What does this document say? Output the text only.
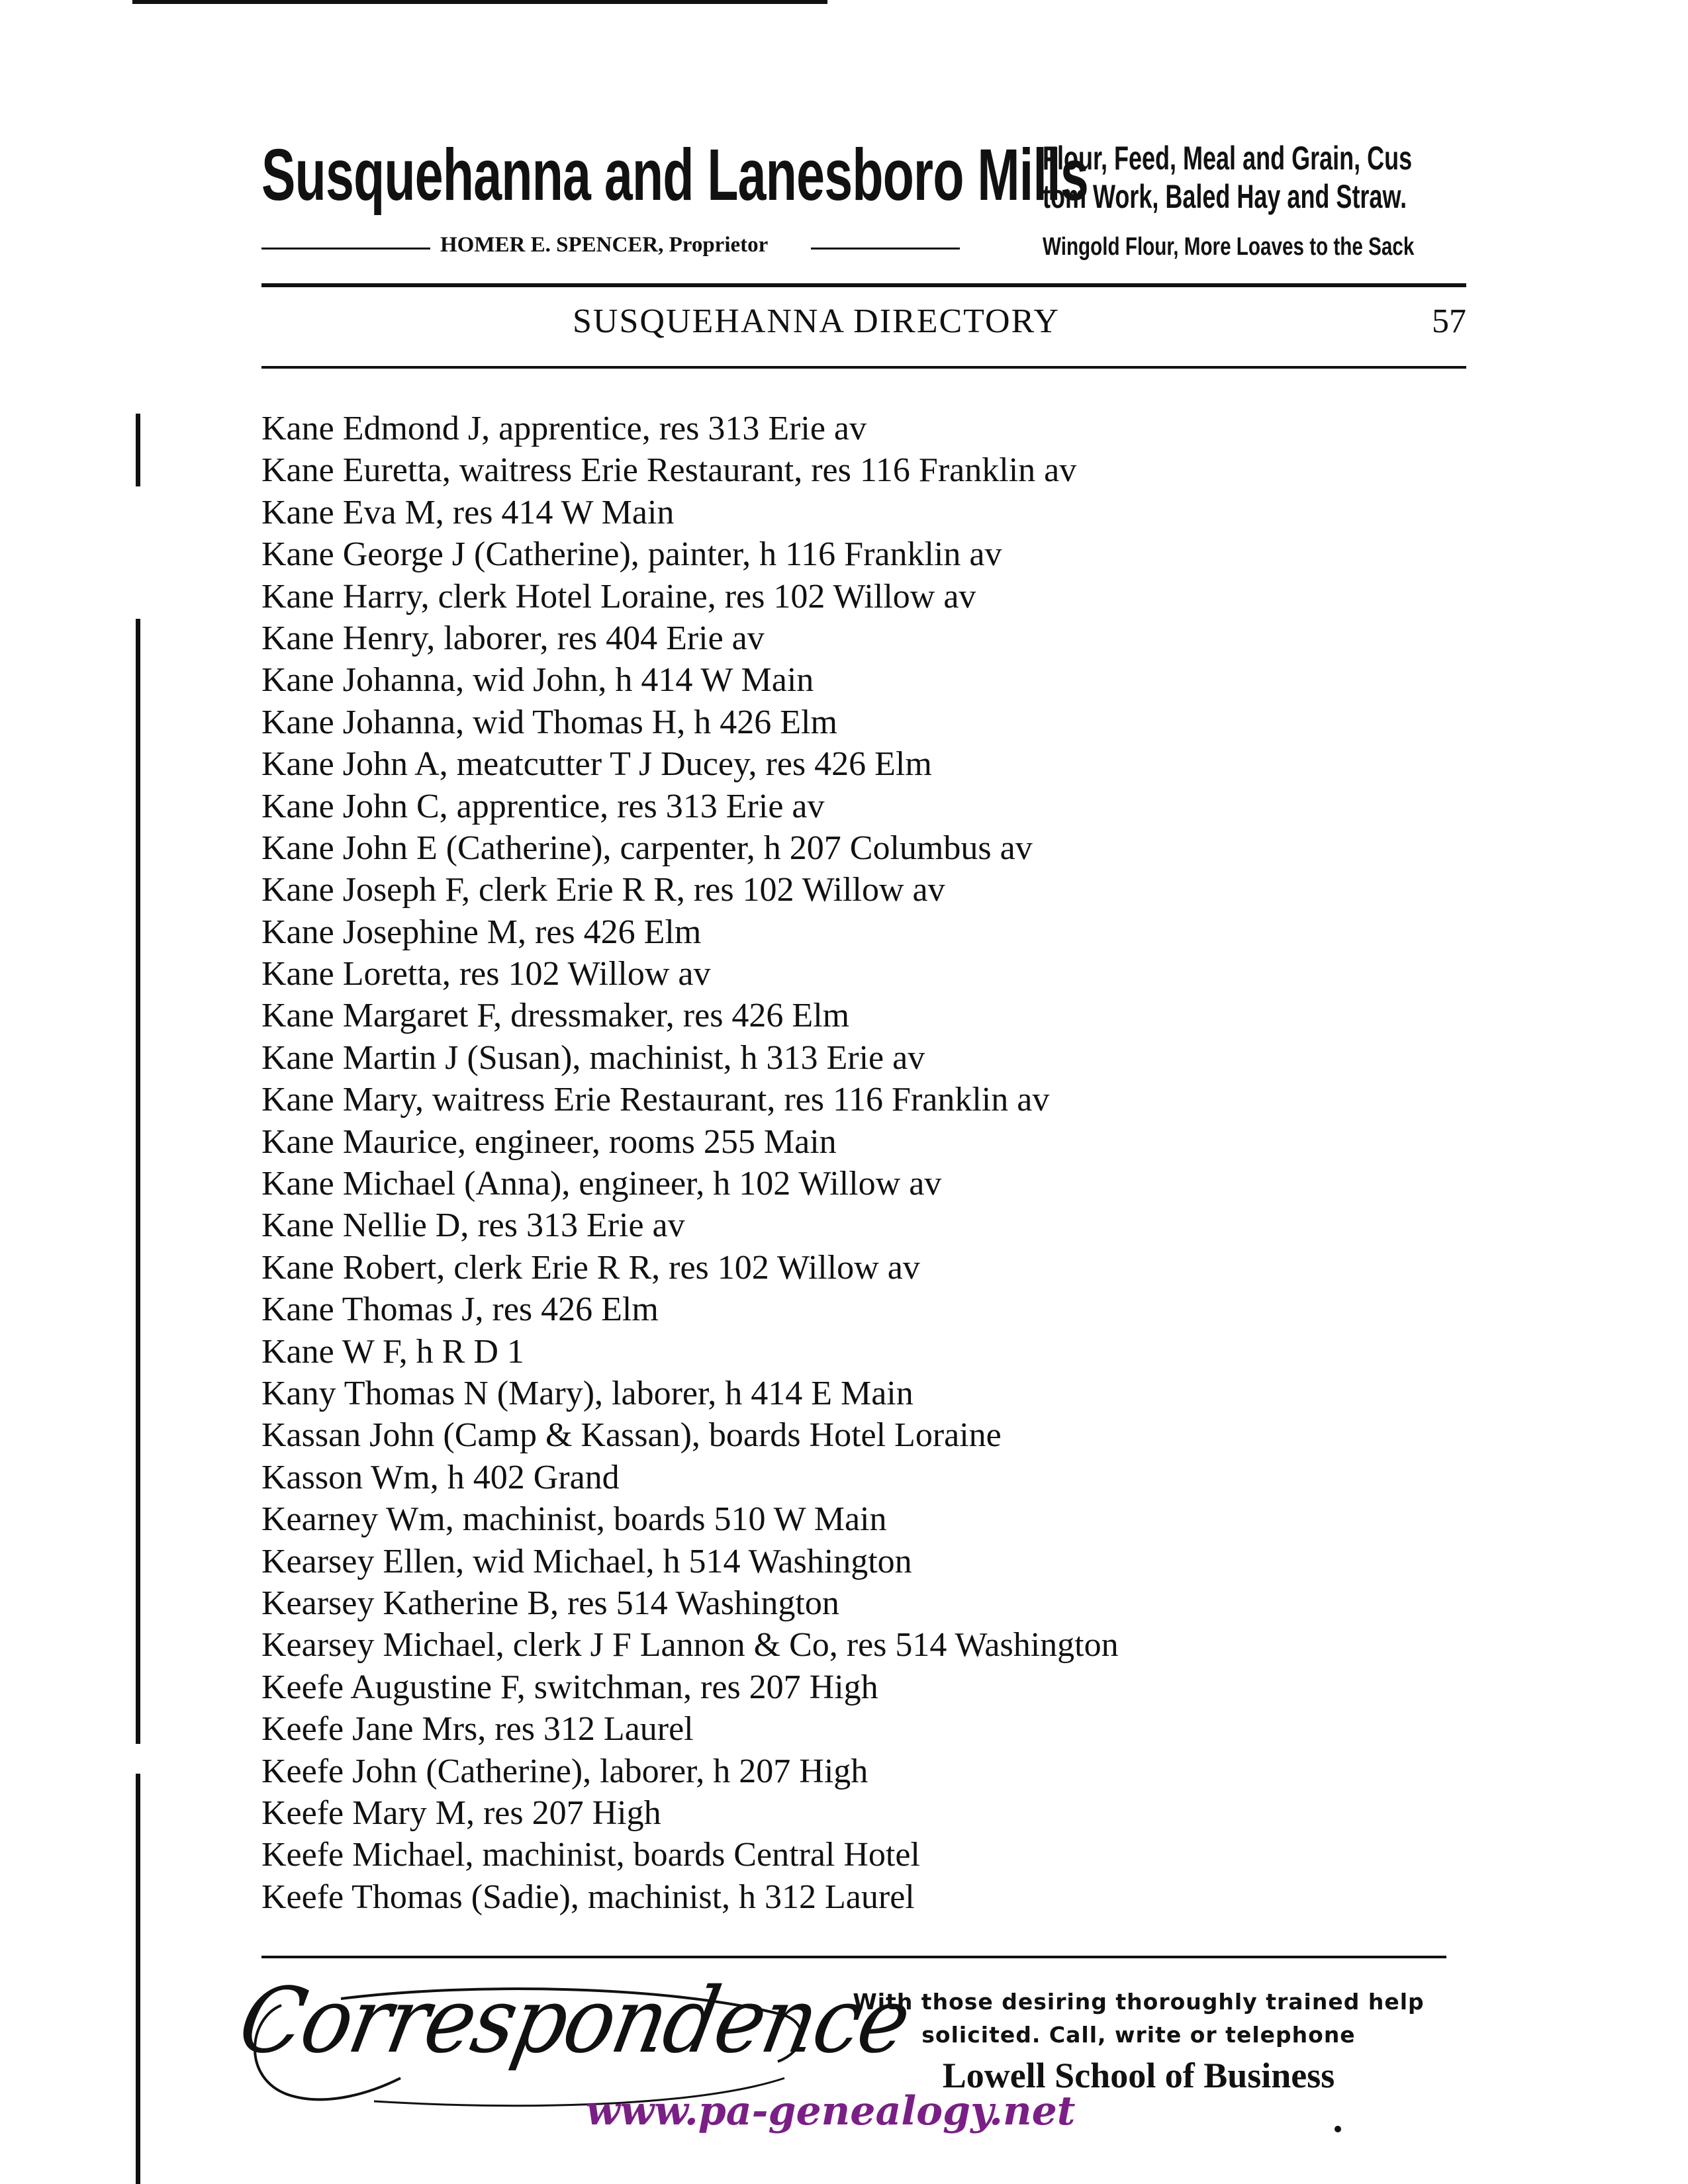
Susquehanna and Lanesboro Mills
Flour, Feed, Meal and Grain, Cus
tom Work, Baled Hay and Straw.
HOMER E. SPENCER, Proprietor	Wingold Flour, More Loaves to the Sack
SUSQUEHANNA DIRECTORY	57
Kane Edmond J, apprentice, res 313 Erie av
Kane Euretta, waitress Erie Restaurant, res 116 Franklin av
Kane Eva M, res 414 W Main
Kane George J (Catherine), painter, h 116 Franklin av
Kane Harry, clerk Hotel Loraine, res 102 Willow av
Kane Henry, laborer, res 404 Erie av
Kane Johanna, wid John, h 414 W Main
Kane Johanna, wid Thomas H, h 426 Elm
Kane John A, meatcutter T J Ducey, res 426 Elm
Kane John C, apprentice, res 313 Erie av
Kane John E (Catherine), carpenter, h 207 Columbus av
Kane Joseph F, clerk Erie R R, res 102 Willow av
Kane Josephine M, res 426 Elm
Kane Loretta, res 102 Willow av
Kane Margaret F, dressmaker, res 426 Elm
Kane Martin J (Susan), machinist, h 313 Erie av
Kane Mary, waitress Erie Restaurant, res 116 Franklin av
Kane Maurice, engineer, rooms 255 Main
Kane Michael (Anna), engineer, h 102 Willow av
Kane Nellie D, res 313 Erie av
Kane Robert, clerk Erie R R, res 102 Willow av
Kane Thomas J, res 426 Elm
Kane W F, h R D 1
Kany Thomas N (Mary), laborer, h 414 E Main
Kassan John (Camp & Kassan), boards Hotel Loraine
Kasson Wm, h 402 Grand
Kearney Wm, machinist, boards 510 W Main
Kearsey Ellen, wid Michael, h 514 Washington
Kearsey Katherine B, res 514 Washington
Kearsey Michael, clerk J F Lannon & Co, res 514 Washington
Keefe Augustine F, switchman, res 207 High
Keefe Jane Mrs, res 312 Laurel
Keefe John (Catherine), laborer, h 207 High
Keefe Mary M, res 207 High
Keefe Michael, machinist, boards Central Hotel
Keefe Thomas (Sadie), machinist, h 312 Laurel
Correspondence
With those desiring thoroughly trained help
solicited. Call, write or telephone
Lowell School of Business
www.pa-genealogy.net
